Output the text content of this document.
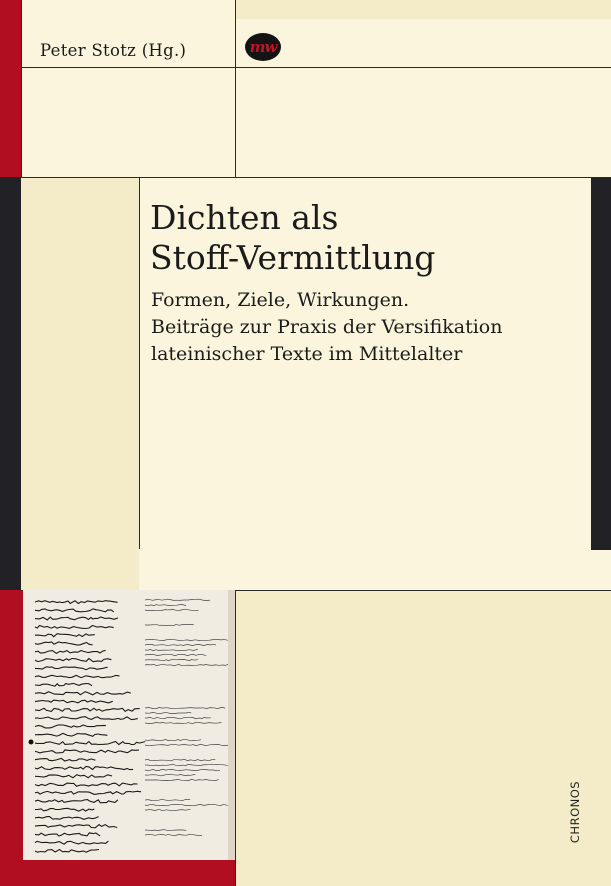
Peter Stotz (Hg.)	mw
Dichten als
Stoff-Vermittlung
Formen, Ziele, Wirkungen.
Beiträge zur Praxis der Versifikation
lateinischer Texte im Mittelalter
CHRONOS
